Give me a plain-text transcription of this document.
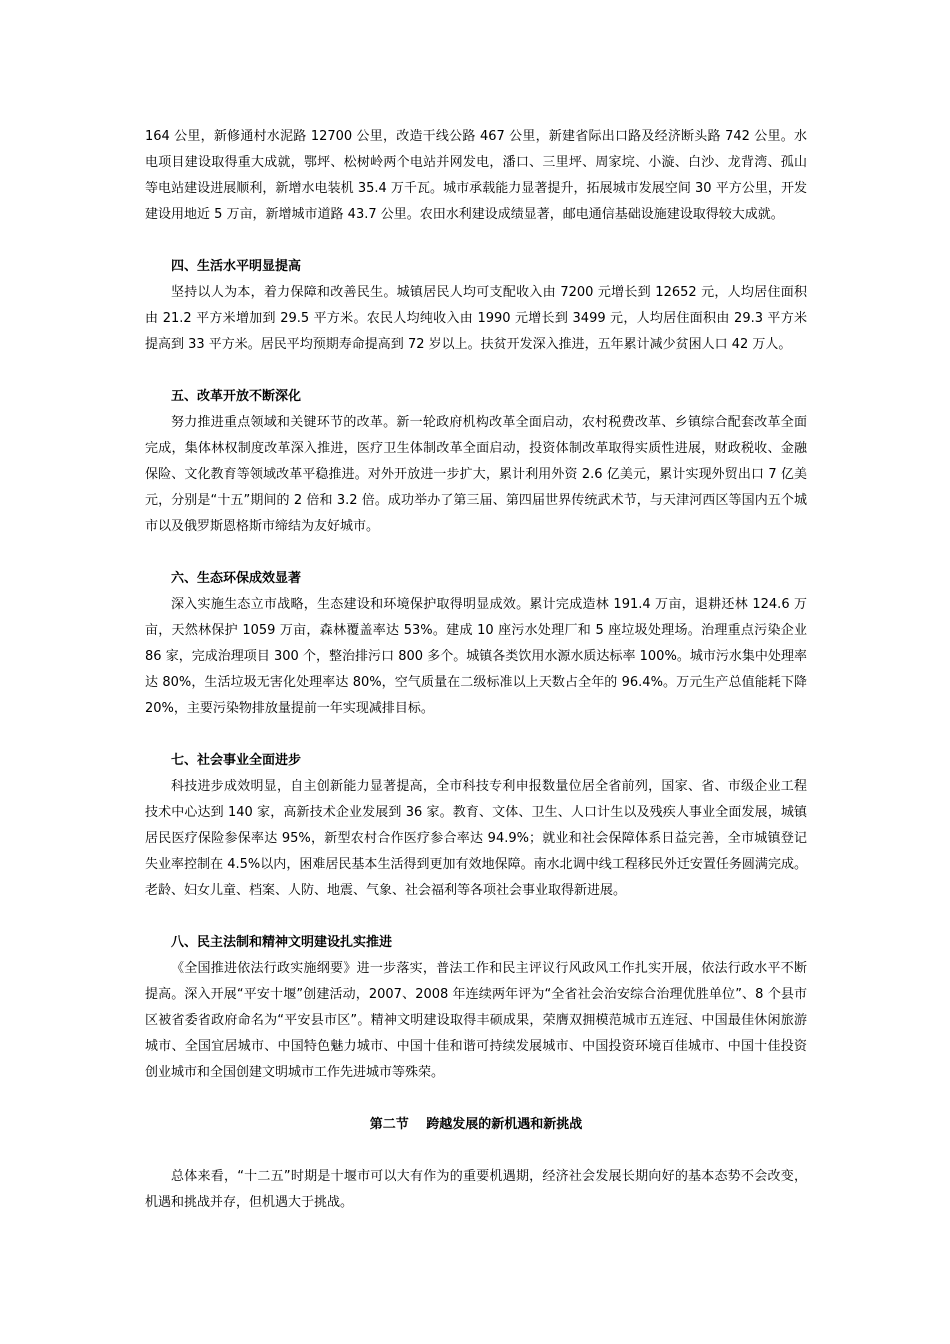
164 公里，新修通村水泥路 12700 公里，改造干线公路 467 公里，新建省际出口路及经济断头路 742 公里。水电项目建设取得重大成就，鄂坪、松树岭两个电站并网发电，潘口、三里坪、周家垸、小漩、白沙、龙背湾、孤山等电站建设进展顺利，新增水电装机 35.4 万千瓦。城市承载能力显著提升，拓展城市发展空间 30 平方公里，开发建设用地近 5 万亩，新增城市道路 43.7 公里。农田水利建设成绩显著，邮电通信基础设施建设取得较大成就。

四、生活水平明显提高

坚持以人为本，着力保障和改善民生。城镇居民人均可支配收入由 7200 元增长到 12652 元，人均居住面积由 21.2 平方米增加到 29.5 平方米。农民人均纯收入由 1990 元增长到 3499 元，人均居住面积由 29.3 平方米提高到 33 平方米。居民平均预期寿命提高到 72 岁以上。扶贫开发深入推进，五年累计减少贫困人口 42 万人。

五、改革开放不断深化

努力推进重点领域和关键环节的改革。新一轮政府机构改革全面启动，农村税费改革、乡镇综合配套改革全面完成，集体林权制度改革深入推进，医疗卫生体制改革全面启动，投资体制改革取得实质性进展，财政税收、金融保险、文化教育等领域改革平稳推进。对外开放进一步扩大，累计利用外资 2.6 亿美元，累计实现外贸出口 7 亿美元，分别是“十五”期间的 2 倍和 3.2 倍。成功举办了第三届、第四届世界传统武术节，与天津河西区等国内五个城市以及俄罗斯恩格斯市缔结为友好城市。

六、生态环保成效显著

深入实施生态立市战略，生态建设和环境保护取得明显成效。累计完成造林 191.4 万亩，退耕还林 124.6 万亩，天然林保护 1059 万亩，森林覆盖率达 53%。建成 10 座污水处理厂和 5 座垃圾处理场。治理重点污染企业 86 家，完成治理项目 300 个，整治排污口 800 多个。城镇各类饮用水源水质达标率 100%。城市污水集中处理率达 80%，生活垃圾无害化处理率达 80%，空气质量在二级标准以上天数占全年的 96.4%。万元生产总值能耗下降 20%，主要污染物排放量提前一年实现减排目标。

七、社会事业全面进步

科技进步成效明显，自主创新能力显著提高，全市科技专利申报数量位居全省前列，国家、省、市级企业工程技术中心达到 140 家，高新技术企业发展到 36 家。教育、文体、卫生、人口计生以及残疾人事业全面发展，城镇居民医疗保险参保率达 95%，新型农村合作医疗参合率达 94.9%；就业和社会保障体系日益完善，全市城镇登记失业率控制在 4.5%以内，困难居民基本生活得到更加有效地保障。南水北调中线工程移民外迁安置任务圆满完成。老龄、妇女儿童、档案、人防、地震、气象、社会福利等各项社会事业取得新进展。

八、民主法制和精神文明建设扎实推进

《全国推进依法行政实施纲要》进一步落实，普法工作和民主评议行风政风工作扎实开展，依法行政水平不断提高。深入开展“平安十堰”创建活动，2007、2008 年连续两年评为“全省社会治安综合治理优胜单位”、8 个县市区被省委省政府命名为“平安县市区”。精神文明建设取得丰硕成果，荣膺双拥模范城市五连冠、中国最佳休闲旅游城市、全国宜居城市、中国特色魅力城市、中国十佳和谐可持续发展城市、中国投资环境百佳城市、中国十佳投资创业城市和全国创建文明城市工作先进城市等殊荣。

第二节　 跨越发展的新机遇和新挑战

总体来看，“十二五”时期是十堰市可以大有作为的重要机遇期，经济社会发展长期向好的基本态势不会改变，机遇和挑战并存，但机遇大于挑战。
